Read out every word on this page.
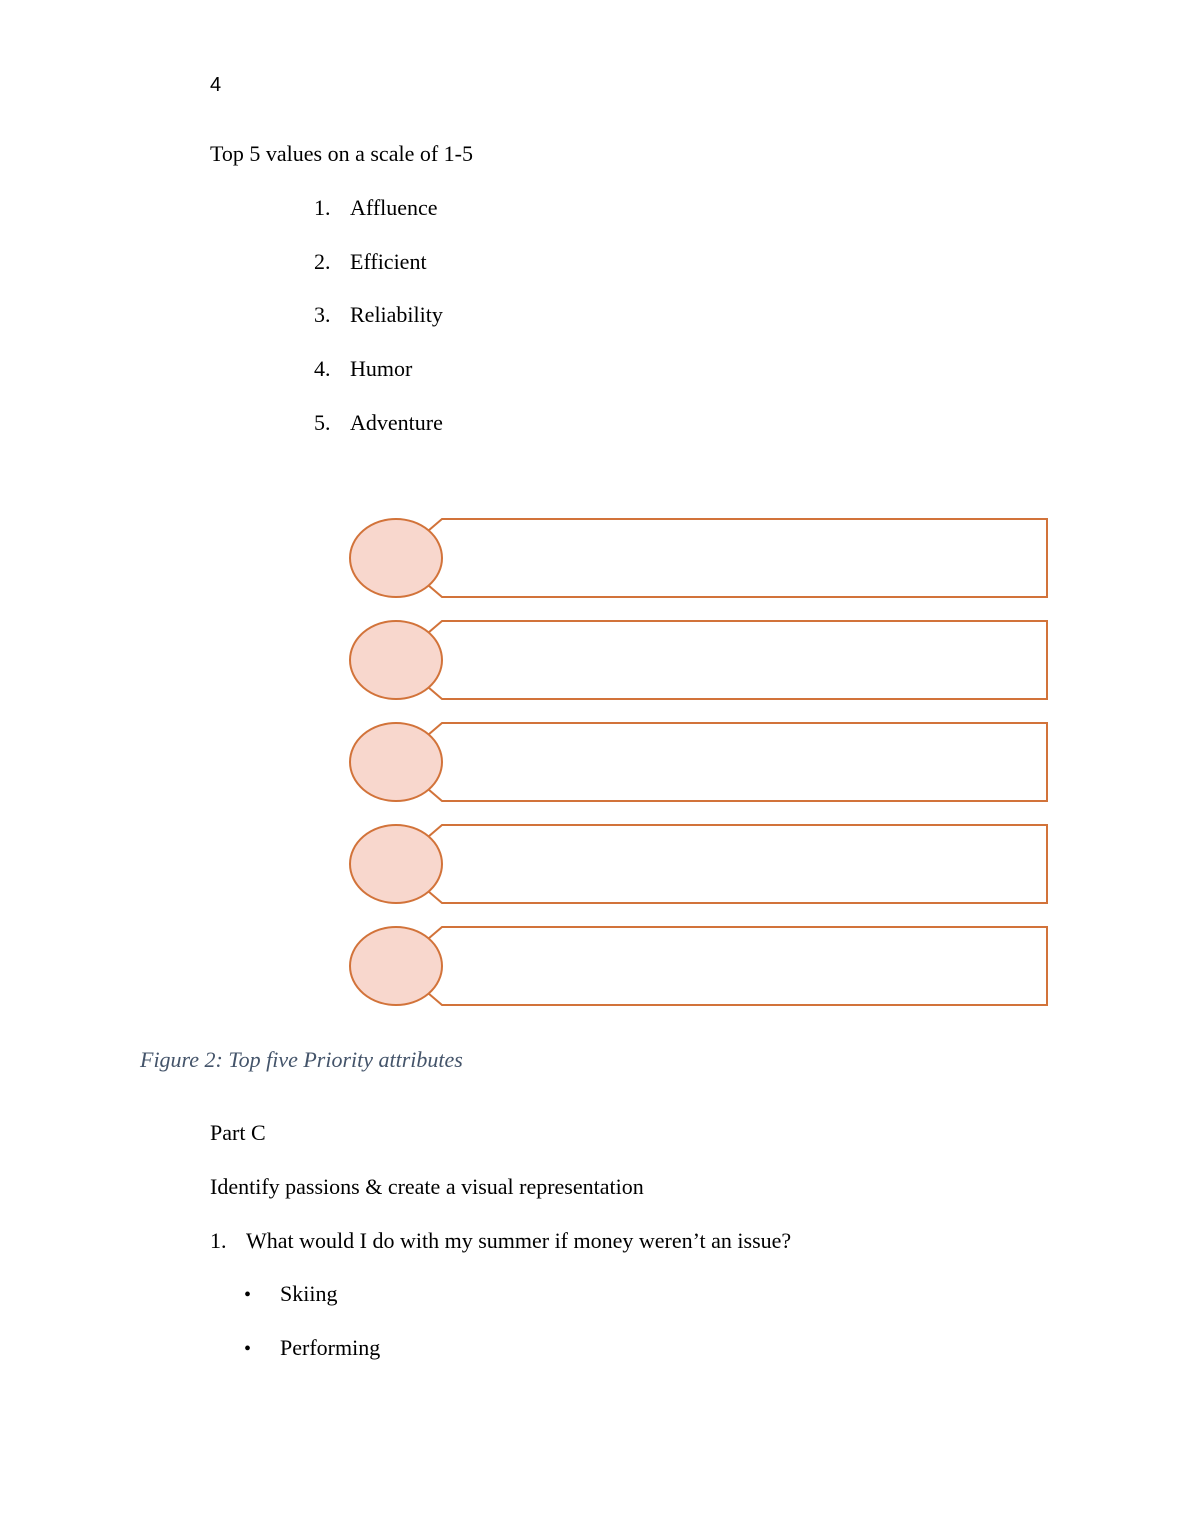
4
Top 5 values on a scale of 1-5
1. Affluence
2. Efficient
3. Reliability
4. Humor
5. Adventure
Figure 2: Top five Priority attributes
Part C
Identify passions & create a visual representation
1. What would I do with my summer if money weren’t an issue?
• Skiing
• Performing
